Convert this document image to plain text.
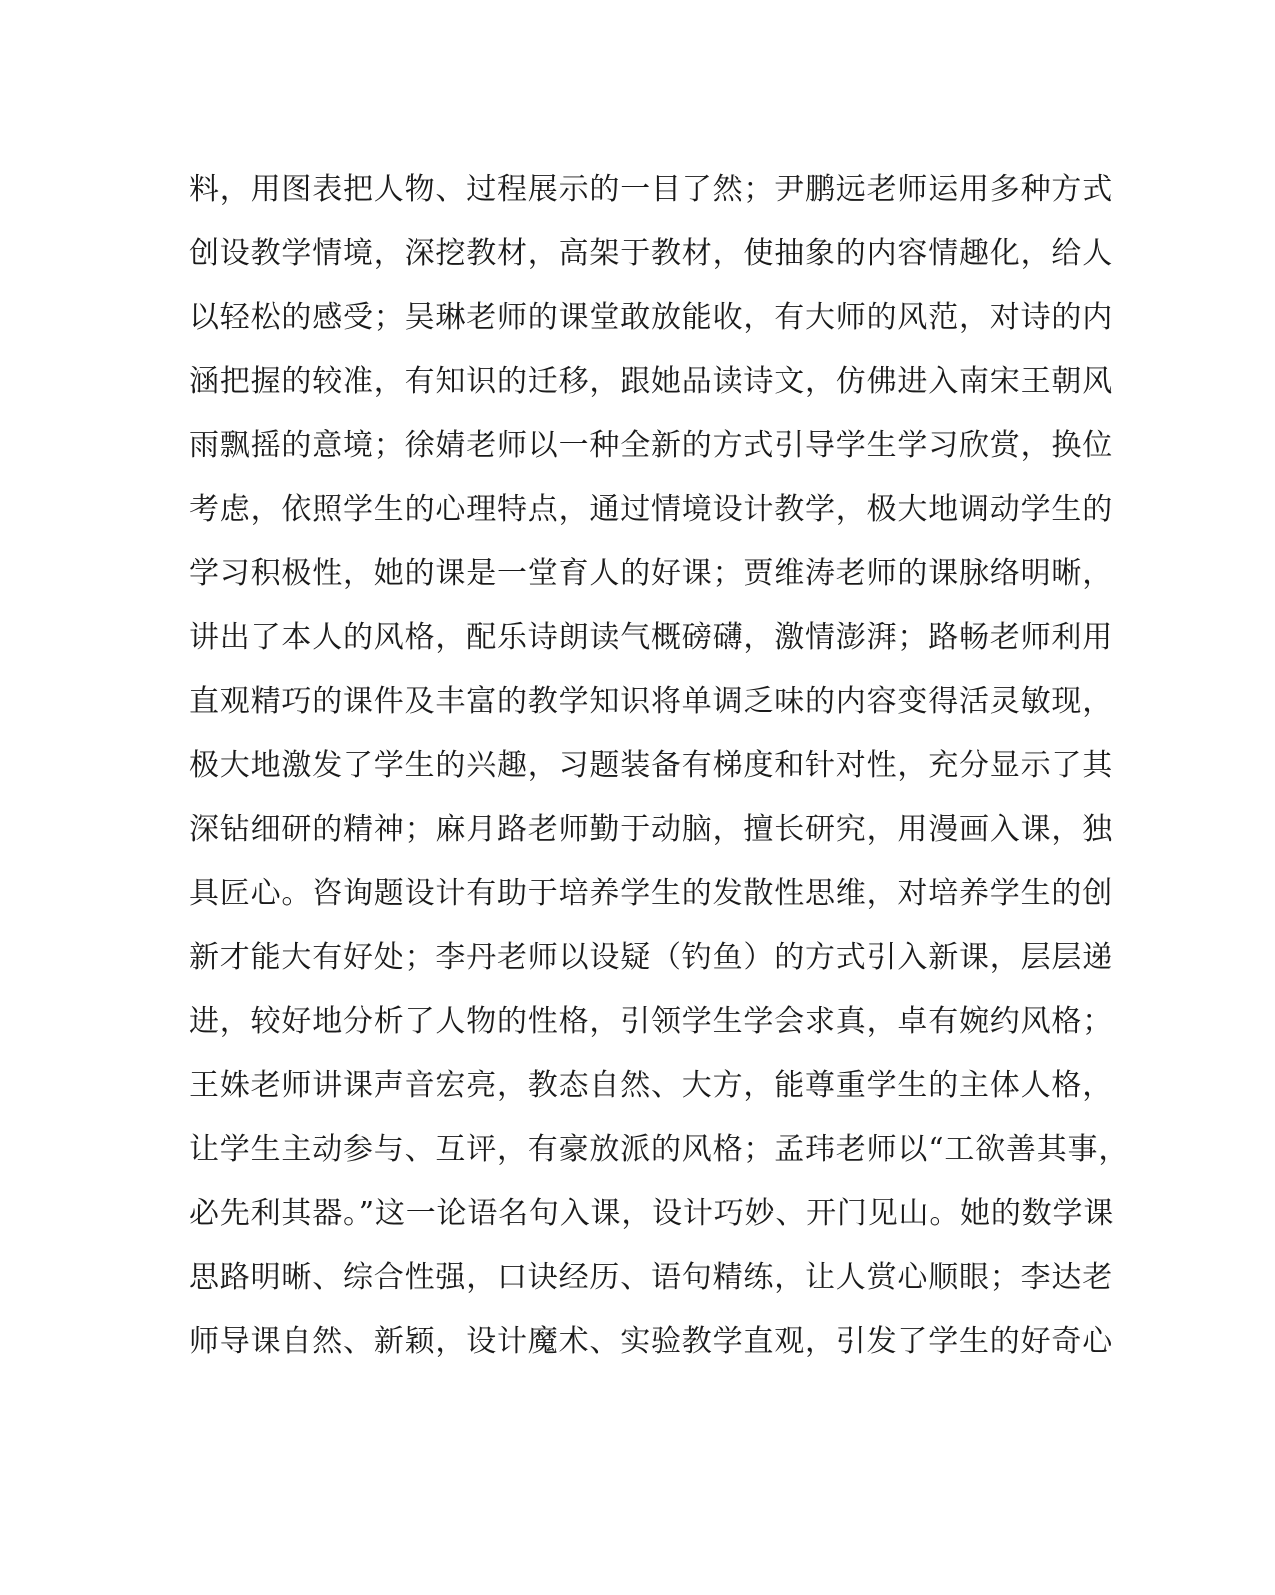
料，用图表把人物、过程展示的一目了然；尹鹏远老师运用多种方式
创设教学情境，深挖教材，高架于教材，使抽象的内容情趣化，给人
以轻松的感受；吴琳老师的课堂敢放能收，有大师的风范，对诗的内
涵把握的较准，有知识的迁移，跟她品读诗文，仿佛进入南宋王朝风
雨飘摇的意境；徐婧老师以一种全新的方式引导学生学习欣赏，换位
考虑，依照学生的心理特点，通过情境设计教学，极大地调动学生的
学习积极性，她的课是一堂育人的好课；贾维涛老师的课脉络明晰，
讲出了本人的风格，配乐诗朗读气概磅礴，激情澎湃；路畅老师利用
直观精巧的课件及丰富的教学知识将单调乏味的内容变得活灵敏现，
极大地激发了学生的兴趣，习题装备有梯度和针对性，充分显示了其
深钻细研的精神；麻月路老师勤于动脑，擅长研究，用漫画入课，独
具匠心。咨询题设计有助于培养学生的发散性思维，对培养学生的创
新才能大有好处；李丹老师以设疑（钓鱼）的方式引入新课，层层递
进，较好地分析了人物的性格，引领学生学会求真，卓有婉约风格；
王姝老师讲课声音宏亮，教态自然、大方，能尊重学生的主体人格，
让学生主动参与、互评，有豪放派的风格；孟玮老师以“工欲善其事，
必先利其器。”这一论语名句入课，设计巧妙、开门见山。她的数学课
思路明晰、综合性强，口诀经历、语句精练，让人赏心顺眼；李达老
师导课自然、新颖，设计魔术、实验教学直观，引发了学生的好奇心
